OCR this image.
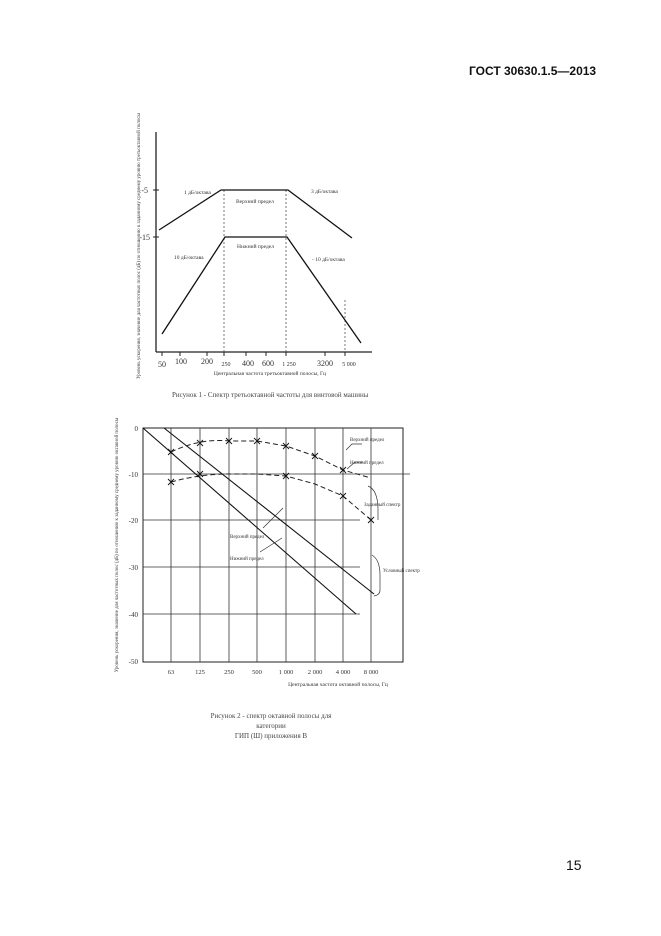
ГОСТ 30630.1.5—2013
-5
-15
50 100 200 250 400 600 1 250	3200 5 000
1 дБ/октава	3 дБ/октава
Верхний предел
Нижний предел
10 дБ/октава	- 10 дБ/октава
Центральная частота третьоктавной полосы, Гц
Уровень ускорения, значение для частотных полос (дБ) по отношению к заданному среднему уровню третьоктавной полосы
0
-10
-20
-30
-40
-50
63	125	250	500	1 000 2 000 4 000 8 000
Верхний предел
Нижний предел
Заданный спектр
Верхний предел
Нижний предел
Условный спектр
Центральная частота октавной полосы, Гц
Уровень ускорения, значение для частотных полос (дБ) по отношению к заданному среднему уровню октавной полосы
Рисунок 1 - Спектр третьоктавной частоты для винтовой машины
Рисунок 2 - спектр октавной полосы для категории
ГИП (Ш) приложения В
15
